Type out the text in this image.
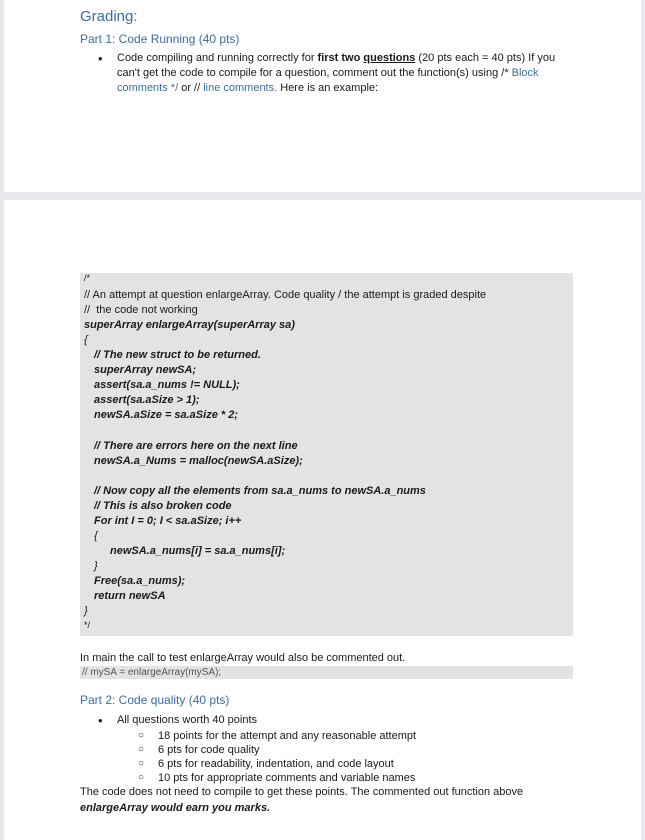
Grading:
Part 1: Code Running (40 pts)
• Code compiling and running correctly for first two questions (20 pts each = 40 pts) If you can't get the code to compile for a question, comment out the function(s) using /* Block comments */ or // line comments. Here is an example:
/*
// An attempt at question enlargeArray. Code quality / the attempt is graded despite
//  the code not working
superArray enlargeArray(superArray sa)
{
// The new struct to be returned.
superArray newSA;
assert(sa.a_nums != NULL);
assert(sa.aSize > 1);
newSA.aSize = sa.aSize * 2;
// There are errors here on the next line
newSA.a_Nums = malloc(newSA.aSize);
// Now copy all the elements from sa.a_nums to newSA.a_nums
// This is also broken code
For int I = 0; I < sa.aSize; i++
{
newSA.a_nums[i] = sa.a_nums[i];
}
Free(sa.a_nums);
return newSA
}
*/
In main the call to test enlargeArray would also be commented out.
// mySA = enlargeArray(mySA);
Part 2: Code quality (40 pts)
• All questions worth 40 points
○ 18 points for the attempt and any reasonable attempt
○ 6 pts for code quality
○ 6 pts for readability, indentation, and code layout
○ 10 pts for appropriate comments and variable names
The code does not need to compile to get these points. The commented out function above
enlargeArray would earn you marks.
